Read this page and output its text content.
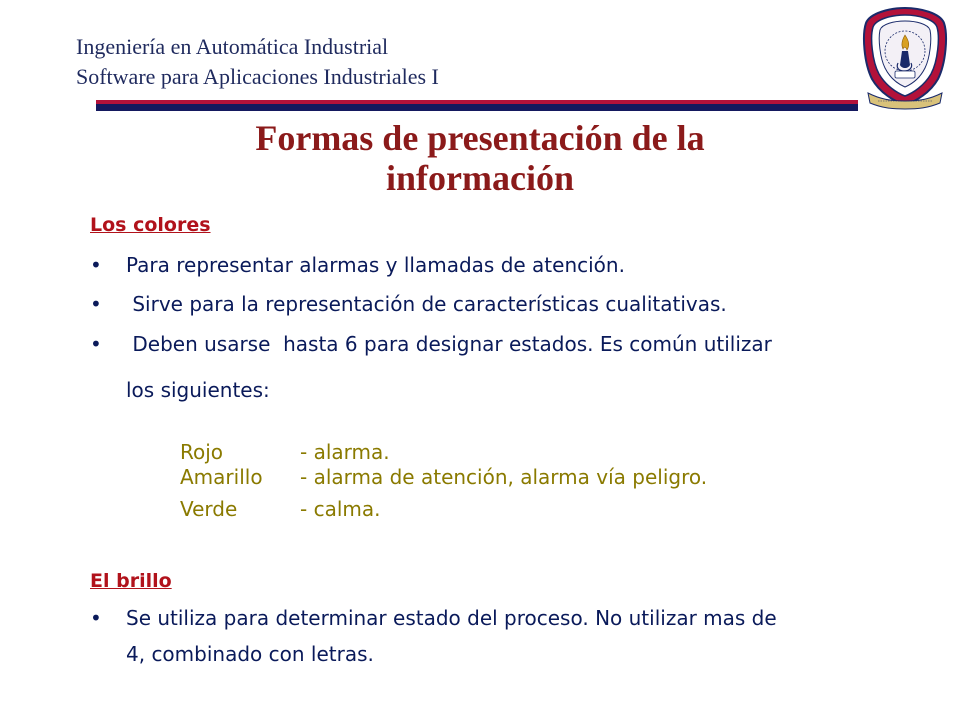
Ingeniería en Automática Industrial
Software para Aplicaciones Industriales I
Formas de presentación de la
información
Los colores
• Para representar alarmas y llamadas de atención.
• Sirve para la representación de características cualitativas.
• Deben usarse  hasta 6 para designar estados. Es común utilizar
los siguientes:
Rojo	- alarma.
Amarillo - alarma de atención, alarma vía peligro.
Verde	- calma.
El brillo
• Se utiliza para determinar estado del proceso. No utilizar mas de
4, combinado con letras.
